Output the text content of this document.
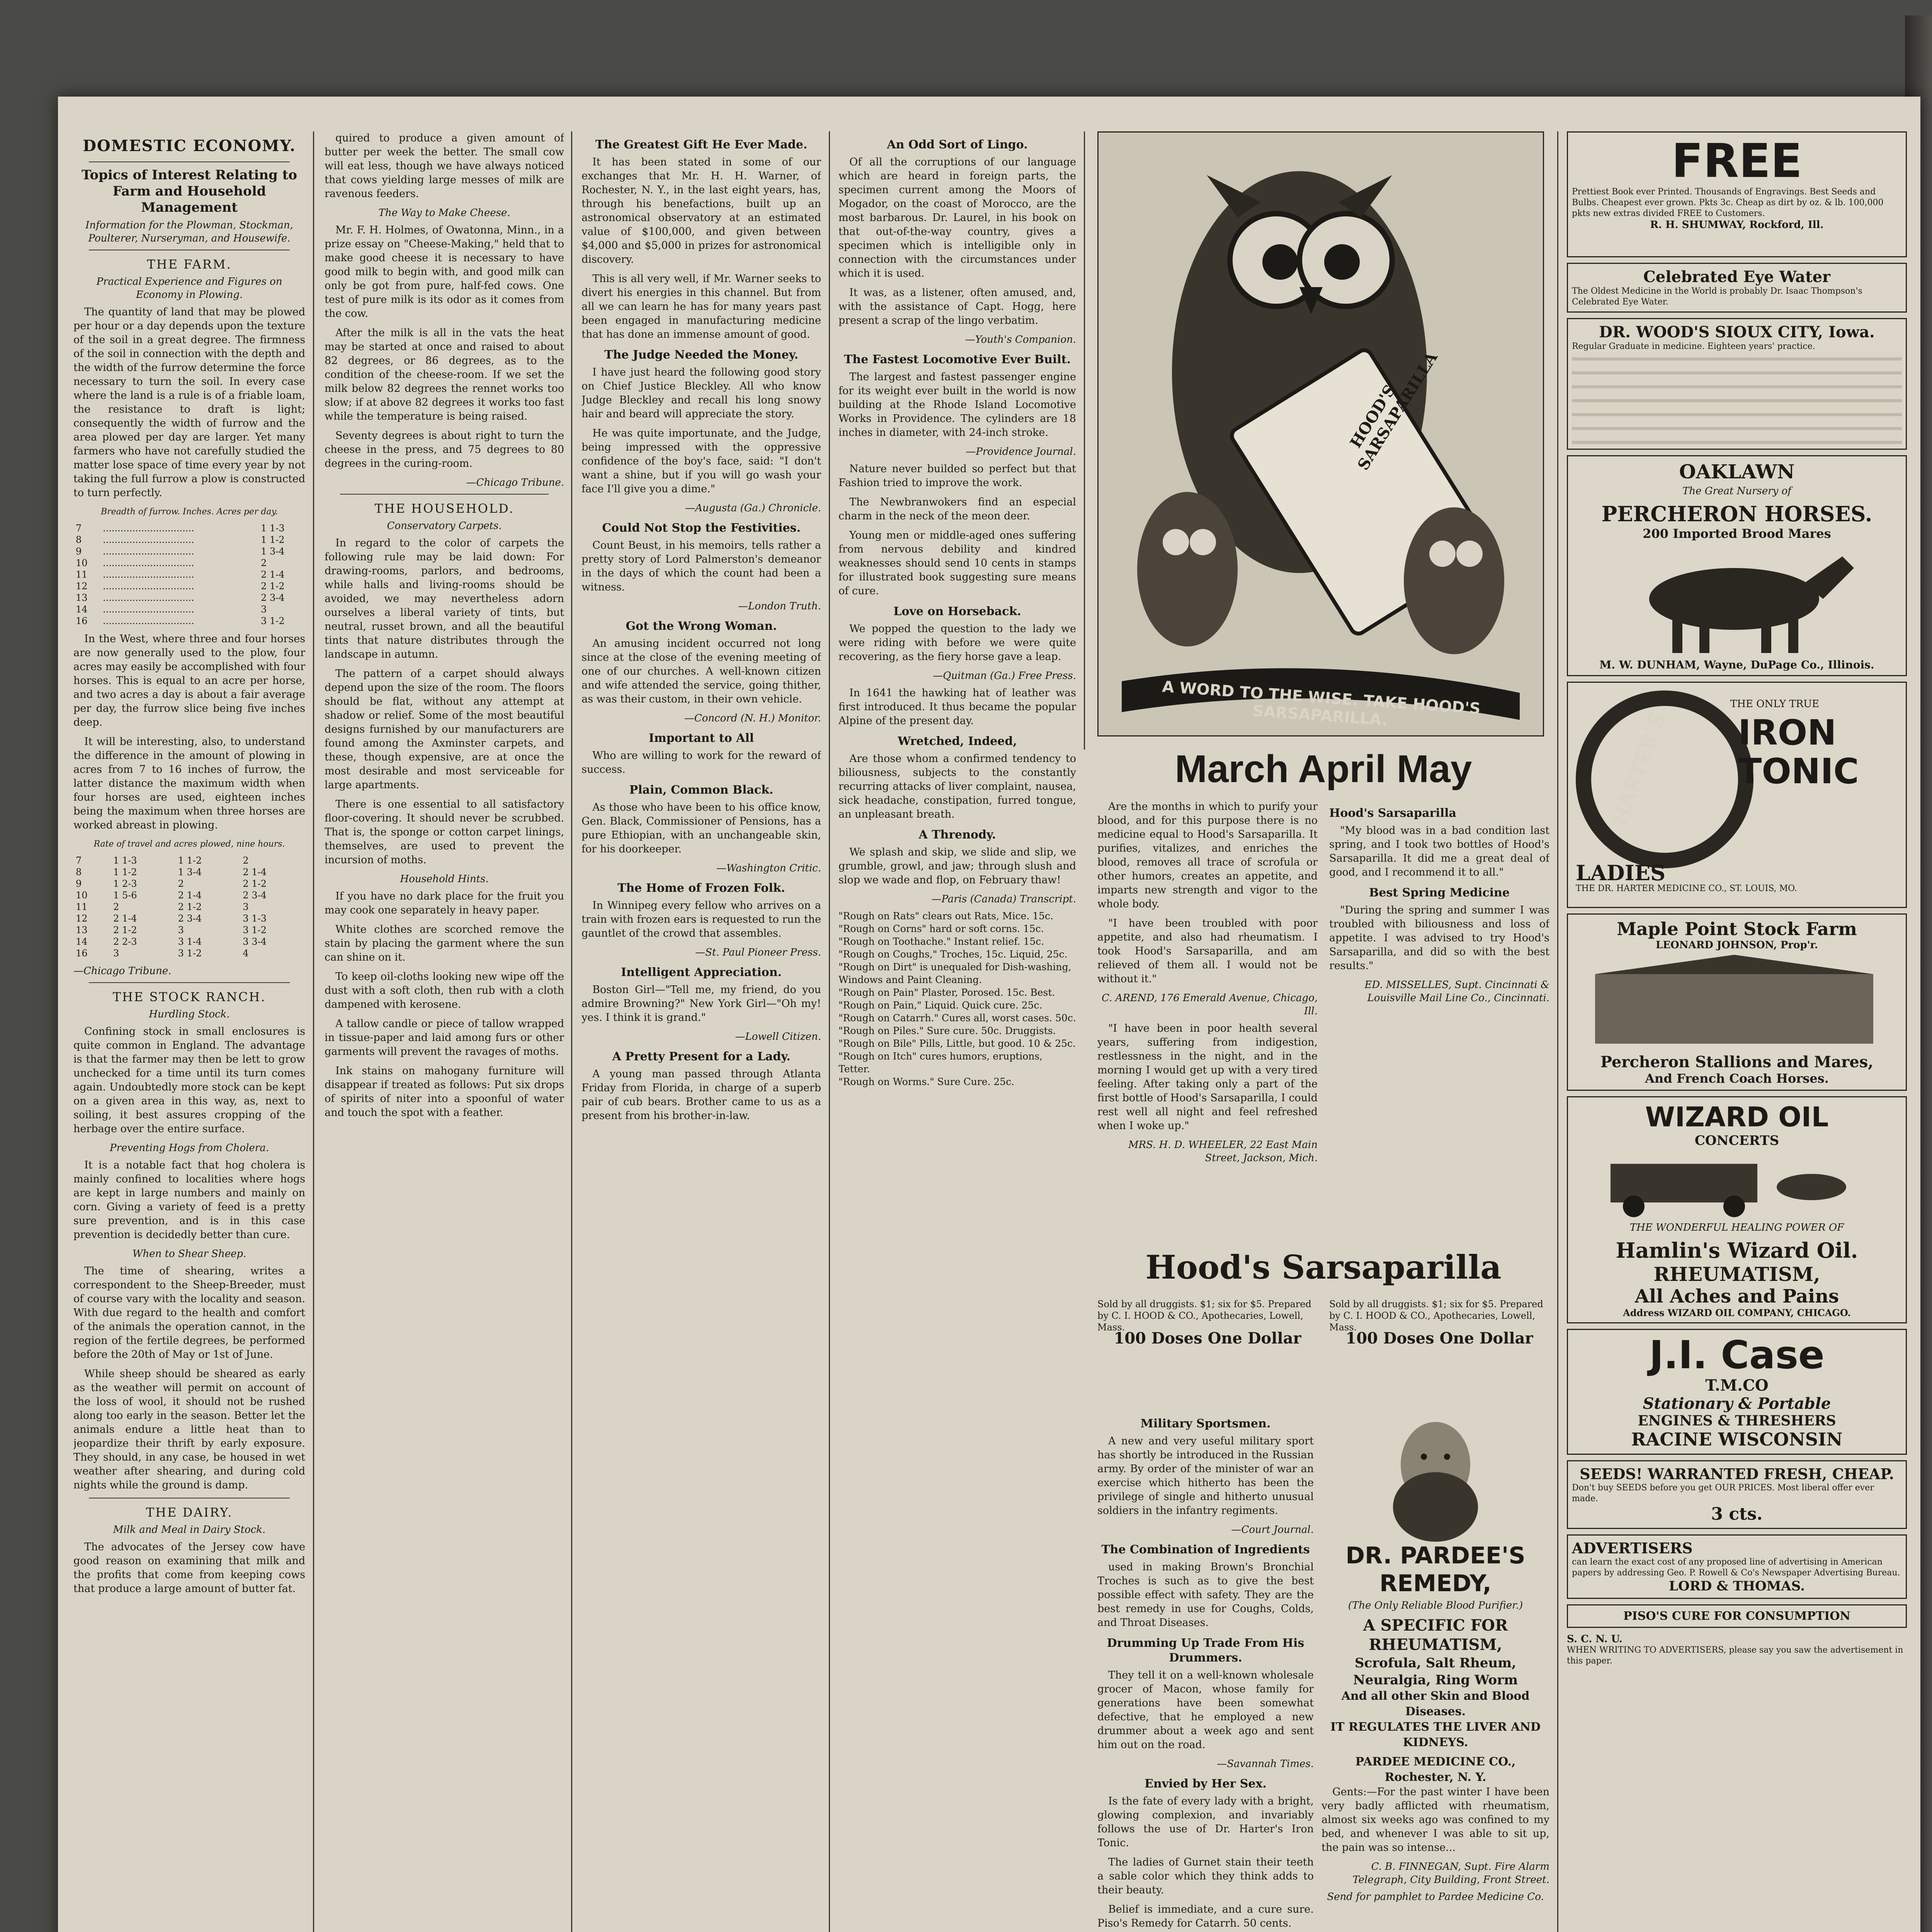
DOMESTIC ECONOMY.
Topics of Interest Relating to Farm and Household Management
Information for the Plowman, Stockman, Poulterer, Nurseryman, and Housewife.
THE FARM.
Practical Experience and Figures on Economy in Plowing.

The quantity of land that may be plowed per hour or a day depends upon the texture of the soil in a great degree. The firmness of the soil in connection with the depth and the width of the furrow determine the force necessary to turn the soil. In every case where the land is a rule is of a friable loam, the resistance to draft is light; consequently the width of furrow and the area plowed per day are larger. Yet many farmers who have not carefully studied the matter lose space of time every year by not taking the full furrow a plow is constructed to turn perfectly.

Breadth of furrow. Inches. Acres per day.
7	...............................	1 1-3
8	...............................	1 1-2
9	...............................	1 3-4
10	...............................	2
11	...............................	2 1-4
12	...............................	2 1-2
13	...............................	2 3-4
14	...............................	3
16	...............................	3 1-2

In the West, where three and four horses are now generally used to the plow, four acres may easily be accomplished with four horses. This is equal to an acre per horse, and two acres a day is about a fair average per day, the furrow slice being five inches deep.

It will be interesting, also, to understand the difference in the amount of plowing in acres from 7 to 16 inches of furrow, the latter distance the maximum width when four horses are used, eighteen inches being the maximum when three horses are worked abreast in plowing.

Rate of travel and acres plowed, nine hours.
7	1 1-3	1 1-2	2
8	1 1-2	1 3-4	2 1-4
9	1 2-3	2	2 1-2
10	1 5-6	2 1-4	2 3-4
11	2	2 1-2	3
12	2 1-4	2 3-4	3 1-3
13	2 1-2	3	3 1-2
14	2 2-3	3 1-4	3 3-4
16	3	3 1-2	4
—Chicago Tribune.
THE STOCK RANCH.
Hurdling Stock.

Confining stock in small enclosures is quite common in England. The advantage is that the farmer may then be lett to grow unchecked for a time until its turn comes again. Undoubtedly more stock can be kept on a given area in this way, as, next to soiling, it best assures cropping of the herbage over the entire surface.

Preventing Hogs from Cholera.

It is a notable fact that hog cholera is mainly confined to localities where hogs are kept in large numbers and mainly on corn. Giving a variety of feed is a pretty sure prevention, and is in this case prevention is decidedly better than cure.

When to Shear Sheep.

The time of shearing, writes a correspondent to the Sheep-Breeder, must of course vary with the locality and season. With due regard to the health and comfort of the animals the operation cannot, in the region of the fertile degrees, be performed before the 20th of May or 1st of June.

While sheep should be sheared as early as the weather will permit on account of the loss of wool, it should not be rushed along too early in the season. Better let the animals endure a little heat than to jeopardize their thrift by early exposure. They should, in any case, be housed in wet weather after shearing, and during cold nights while the ground is damp.

THE DAIRY.
Milk and Meal in Dairy Stock.

The advocates of the Jersey cow have good reason on examining that milk and the profits that come from keeping cows that produce a large amount of butter fat.

quired to produce a given amount of butter per week the better. The small cow will eat less, though we have always noticed that cows yielding large messes of milk are ravenous feeders.

The Way to Make Cheese.

Mr. F. H. Holmes, of Owatonna, Minn., in a prize essay on "Cheese-Making," held that to make good cheese it is necessary to have good milk to begin with, and good milk can only be got from pure, half-fed cows. One test of pure milk is its odor as it comes from the cow.

After the milk is all in the vats the heat may be started at once and raised to about 82 degrees, or 86 degrees, as to the condition of the cheese-room. If we set the milk below 82 degrees the rennet works too slow; if at above 82 degrees it works too fast while the temperature is being raised.

Seventy degrees is about right to turn the cheese in the press, and 75 degrees to 80 degrees in the curing-room.

—Chicago Tribune.
THE HOUSEHOLD.
Conservatory Carpets.

In regard to the color of carpets the following rule may be laid down: For drawing-rooms, parlors, and bedrooms, while halls and living-rooms should be avoided, we may nevertheless adorn ourselves a liberal variety of tints, but neutral, russet brown, and all the beautiful tints that nature distributes through the landscape in autumn.

The pattern of a carpet should always depend upon the size of the room. The floors should be flat, without any attempt at shadow or relief. Some of the most beautiful designs furnished by our manufacturers are found among the Axminster carpets, and these, though expensive, are at once the most desirable and most serviceable for large apartments.

There is one essential to all satisfactory floor-covering. It should never be scrubbed. That is, the sponge or cotton carpet linings, themselves, are used to prevent the incursion of moths.

Household Hints.

If you have no dark place for the fruit you may cook one separately in heavy paper.

White clothes are scorched remove the stain by placing the garment where the sun can shine on it.

To keep oil-cloths looking new wipe off the dust with a soft cloth, then rub with a cloth dampened with kerosene.

A tallow candle or piece of tallow wrapped in tissue-paper and laid among furs or other garments will prevent the ravages of moths.

Ink stains on mahogany furniture will disappear if treated as follows: Put six drops of spirits of niter into a spoonful of water and touch the spot with a feather.

The Greatest Gift He Ever Made.

It has been stated in some of our exchanges that Mr. H. H. Warner, of Rochester, N. Y., in the last eight years, has, through his benefactions, built up an astronomical observatory at an estimated value of $100,000, and given between $4,000 and $5,000 in prizes for astronomical discovery.

This is all very well, if Mr. Warner seeks to divert his energies in this channel. But from all we can learn he has for many years past been engaged in manufacturing medicine that has done an immense amount of good.

The Judge Needed the Money.

I have just heard the following good story on Chief Justice Bleckley. All who know Judge Bleckley and recall his long snowy hair and beard will appreciate the story.

He was quite importunate, and the Judge, being impressed with the oppressive confidence of the boy's face, said: "I don't want a shine, but if you will go wash your face I'll give you a dime."

—Augusta (Ga.) Chronicle.
Could Not Stop the Festivities.

Count Beust, in his memoirs, tells rather a pretty story of Lord Palmerston's demeanor in the days of which the count had been a witness.

—London Truth.
Got the Wrong Woman.

An amusing incident occurred not long since at the close of the evening meeting of one of our churches. A well-known citizen and wife attended the service, going thither, as was their custom, in their own vehicle.

—Concord (N. H.) Monitor.
Important to All

Who are willing to work for the reward of success.

Plain, Common Black.

As those who have been to his office know, Gen. Black, Commissioner of Pensions, has a pure Ethiopian, with an unchangeable skin, for his doorkeeper.

—Washington Critic.
The Home of Frozen Folk.

In Winnipeg every fellow who arrives on a train with frozen ears is requested to run the gauntlet of the crowd that assembles.

—St. Paul Pioneer Press.
Intelligent Appreciation.

Boston Girl—"Tell me, my friend, do you admire Browning?" New York Girl—"Oh my! yes. I think it is grand."

—Lowell Citizen.
A Pretty Present for a Lady.

A young man passed through Atlanta Friday from Florida, in charge of a superb pair of cub bears. Brother came to us as a present from his brother-in-law.

An Odd Sort of Lingo.

Of all the corruptions of our language which are heard in foreign parts, the specimen current among the Moors of Mogador, on the coast of Morocco, are the most barbarous. Dr. Laurel, in his book on that out-of-the-way country, gives a specimen which is intelligible only in connection with the circumstances under which it is used.

It was, as a listener, often amused, and, with the assistance of Capt. Hogg, here present a scrap of the lingo verbatim.

—Youth's Companion.
The Fastest Locomotive Ever Built.

The largest and fastest passenger engine for its weight ever built in the world is now building at the Rhode Island Locomotive Works in Providence. The cylinders are 18 inches in diameter, with 24-inch stroke.

—Providence Journal.

Nature never builded so perfect but that Fashion tried to improve the work.

The Newbranwokers find an especial charm in the neck of the meon deer.

Young men or middle-aged ones suffering from nervous debility and kindred weaknesses should send 10 cents in stamps for illustrated book suggesting sure means of cure.

Love on Horseback.

We popped the question to the lady we were riding with before we were quite recovering, as the fiery horse gave a leap.

—Quitman (Ga.) Free Press.

In 1641 the hawking hat of leather was first introduced. It thus became the popular Alpine of the present day.

Wretched, Indeed,

Are those whom a confirmed tendency to biliousness, subjects to the constantly recurring attacks of liver complaint, nausea, sick headache, constipation, furred tongue, an unpleasant breath.

A Threnody.

We splash and skip, we slide and slip, we grumble, growl, and jaw; through slush and slop we wade and flop, on February thaw!

—Paris (Canada) Transcript.
"Rough on Rats" clears out Rats, Mice. 15c.
"Rough on Corns" hard or soft corns. 15c.
"Rough on Toothache." Instant relief. 15c.
"Rough on Coughs," Troches, 15c. Liquid, 25c.
"Rough on Dirt" is unequaled for Dish-washing, Windows and Paint Cleaning.
"Rough on Pain" Plaster, Porosed. 15c. Best.
"Rough on Pain," Liquid. Quick cure. 25c.
"Rough on Catarrh." Cures all, worst cases. 50c.
"Rough on Piles." Sure cure. 50c. Druggists.
"Rough on Bile" Pills, Little, but good. 10 & 25c.
"Rough on Itch" cures humors, eruptions, Tetter.
"Rough on Worms." Sure Cure. 25c.

HOOD'S SARSAPARILLA
A WORD TO THE WISE. TAKE HOOD'S SARSAPARILLA.
March April May

Are the months in which to purify your blood, and for this purpose there is no medicine equal to Hood's Sarsaparilla. It purifies, vitalizes, and enriches the blood, removes all trace of scrofula or other humors, creates an appetite, and imparts new strength and vigor to the whole body.

"I have been troubled with poor appetite, and also had rheumatism. I took Hood's Sarsaparilla, and am relieved of them all. I would not be without it."

C. AREND, 176 Emerald Avenue, Chicago, Ill.

"I have been in poor health several years, suffering from indigestion, restlessness in the night, and in the morning I would get up with a very tired feeling. After taking only a part of the first bottle of Hood's Sarsaparilla, I could rest well all night and feel refreshed when I woke up."

MRS. H. D. WHEELER, 22 East Main Street, Jackson, Mich.
Hood's Sarsaparilla

"My blood was in a bad condition last spring, and I took two bottles of Hood's Sarsaparilla. It did me a great deal of good, and I recommend it to all."

Best Spring Medicine

"During the spring and summer I was troubled with biliousness and loss of appetite. I was advised to try Hood's Sarsaparilla, and did so with the best results."

ED. MISSELLES, Supt. Cincinnati & Louisville Mail Line Co., Cincinnati.
Hood's Sarsaparilla
Sold by all druggists. $1; six for $5. Prepared by C. I. HOOD & CO., Apothecaries, Lowell, Mass.
Sold by all druggists. $1; six for $5. Prepared by C. I. HOOD & CO., Apothecaries, Lowell, Mass.
100 Doses One Dollar	100 Doses One Dollar
Military Sportsmen.

A new and very useful military sport has shortly be introduced in the Russian army. By order of the minister of war an exercise which hitherto has been the privilege of single and hitherto unusual soldiers in the infantry regiments.

—Court Journal.
The Combination of Ingredients

used in making Brown's Bronchial Troches is such as to give the best possible effect with safety. They are the best remedy in use for Coughs, Colds, and Throat Diseases.

Drumming Up Trade From His Drummers.

They tell it on a well-known wholesale grocer of Macon, whose family for generations have been somewhat defective, that he employed a new drummer about a week ago and sent him out on the road.

—Savannah Times.
Envied by Her Sex.

Is the fate of every lady with a bright, glowing complexion, and invariably follows the use of Dr. Harter's Iron Tonic.

The ladies of Gurnet stain their teeth a sable color which they think adds to their beauty.

Belief is immediate, and a cure sure. Piso's Remedy for Catarrh. 50 cents.

DR. PARDEE'S REMEDY,
(The Only Reliable Blood Purifier.)
A SPECIFIC FOR RHEUMATISM,
Scrofula, Salt Rheum, Neuralgia, Ring Worm
And all other Skin and Blood Diseases.
IT REGULATES THE LIVER AND KIDNEYS.
PARDEE MEDICINE CO., Rochester, N. Y.

Gents:—For the past winter I have been very badly afflicted with rheumatism, almost six weeks ago was confined to my bed, and whenever I was able to sit up, the pain was so intense...

C. B. FINNEGAN, Supt. Fire Alarm Telegraph, City Building, Front Street.
Send for pamphlet to Pardee Medicine Co.
FREE
Prettiest Book ever Printed. Thousands of Engravings. Best Seeds and Bulbs. Cheapest ever grown. Pkts 3c. Cheap as dirt by oz. & lb. 100,000 pkts new extras divided FREE to Customers.
R. H. SHUMWAY, Rockford, Ill.
Celebrated Eye Water
The Oldest Medicine in the World is probably Dr. Isaac Thompson's Celebrated Eye Water.
DR. WOOD'S SIOUX CITY, Iowa.
Regular Graduate in medicine. Eighteen years' practice.
OAKLAWN
The Great Nursery of
PERCHERON HORSES.
200 Imported Brood Mares
M. W. DUNHAM, Wayne, DuPage Co., Illinois.
HARTER'S
THE ONLY TRUE
IRON TONIC
LADIES
THE DR. HARTER MEDICINE CO., ST. LOUIS, MO.
Maple Point Stock Farm
LEONARD JOHNSON, Prop'r.
Percheron Stallions and Mares,
And French Coach Horses.
WIZARD OIL
CONCERTS
THE WONDERFUL HEALING POWER OF
Hamlin's Wizard Oil.
RHEUMATISM,
All Aches and Pains
Address WIZARD OIL COMPANY, CHICAGO.
J.I. Case
T.M.CO
Stationary & Portable
ENGINES & THRESHERS
RACINE WISCONSIN
SEEDS! WARRANTED FRESH, CHEAP.
Don't buy SEEDS before you get OUR PRICES. Most liberal offer ever made.
3 cts.
ADVERTISERS
can learn the exact cost of any proposed line of advertising in American papers by addressing Geo. P. Rowell & Co's Newspaper Advertising Bureau.
LORD & THOMAS.
PISO'S CURE FOR CONSUMPTION
S. C. N. U.
WHEN WRITING TO ADVERTISERS, please say you saw the advertisement in this paper.
